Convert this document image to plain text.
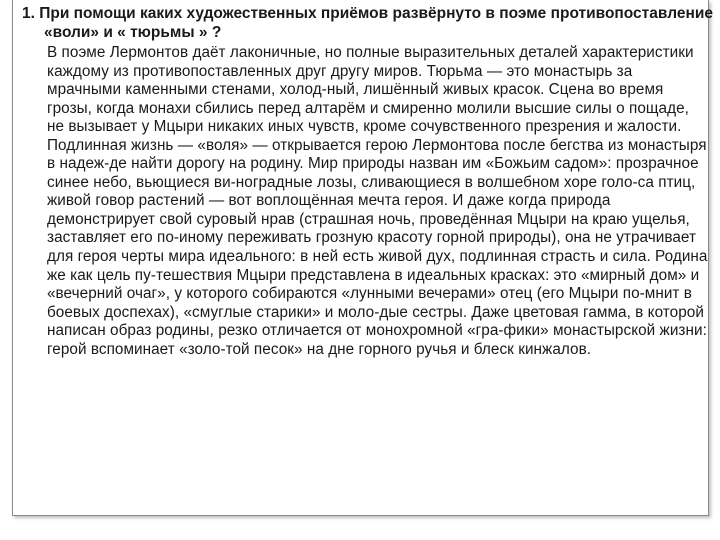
1. При помощи каких художественных приёмов развёрнуто в поэме противопоставление «воли» и « тюрьмы » ?

В поэме Лермонтов даёт лаконичные, но полные выразительных деталей характеристики каждому из противопоставленных друг другу миров. Тюрьма — это монастырь за мрачными каменными стенами, холод-ный, лишённый живых красок. Сцена во время грозы, когда монахи сбились перед алтарём и смиренно молили высшие силы о пощаде, не вызывает у Мцыри никаких иных чувств, кроме сочувственного презрения и жалости. Подлинная жизнь — «воля» — открывается герою Лермонтова после бегства из монастыря в надеж-де найти дорогу на родину. Мир природы назван им «Божьим садом»: прозрачное синее небо, вьющиеся ви-ноградные лозы, сливающиеся в волшебном хоре голо-са птиц, живой говор растений — вот воплощённая мечта героя. И даже когда природа демонстрирует свой суровый нрав (страшная ночь, проведённая Мцыри на краю ущелья, заставляет его по-иному переживать грозную красоту горной природы), она не утрачивает для героя черты мира идеального: в ней есть живой дух, подлинная страсть и сила. Родина же как цель пу-тешествия Мцыри представлена в идеальных красках: это «мирный дом» и «вечерний очаг», у которого собираются «лунными вечерами» отец (его Мцыри по-мнит в боевых доспехах), «смуглые старики» и моло-дые сестры. Даже цветовая гамма, в которой написан образ родины, резко отличается от монохромной «гра-фики» монастырской жизни: герой вспоминает «золо-той песок» на дне горного ручья и блеск кинжалов.
